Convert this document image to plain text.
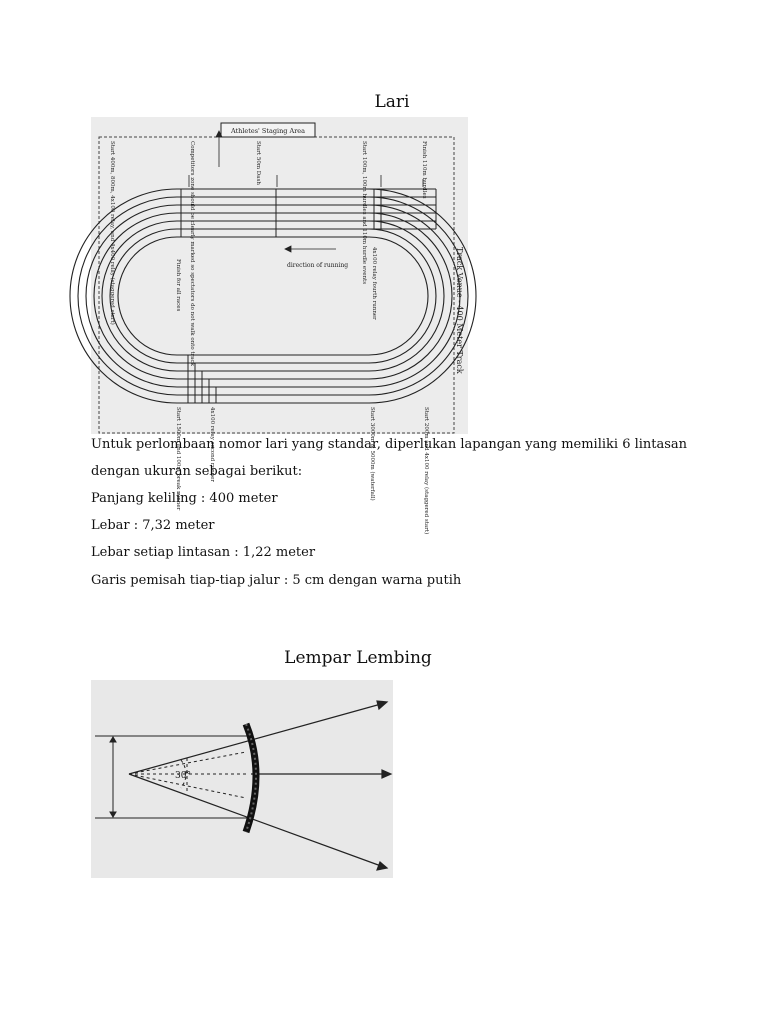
Lari
Athletes' Staging Area
Start 400m, 800m, 4x100 relay, and 4x400 relay (staggered start)	Competitors zone should be clearly marked so spectators do not walk onto track	Start 50m Dash	Start 100m, 100m hurdles and 110m hurdle events	Finish 110m hurdles
Finish for all races	4x100 relay fourth runner
direction of running
Start 1500m and 100m break runner	4x100 relay second runner	Start 3000m & 5000m (waterfall)	Start 200m and 4x100 relay (staggered start)
Track Venue - 400 Meter Track

Untuk perlombaan nomor lari yang standar, diperlukan lapangan yang memiliki 6 lintasan

dengan ukuran sebagai berikut:

Panjang keliling : 400 meter

Lebar : 7,32 meter

Lebar setiap lintasan : 1,22 meter

Garis pemisah tiap-tiap jalur : 5 cm dengan warna putih

Lempar Lembing
30°
